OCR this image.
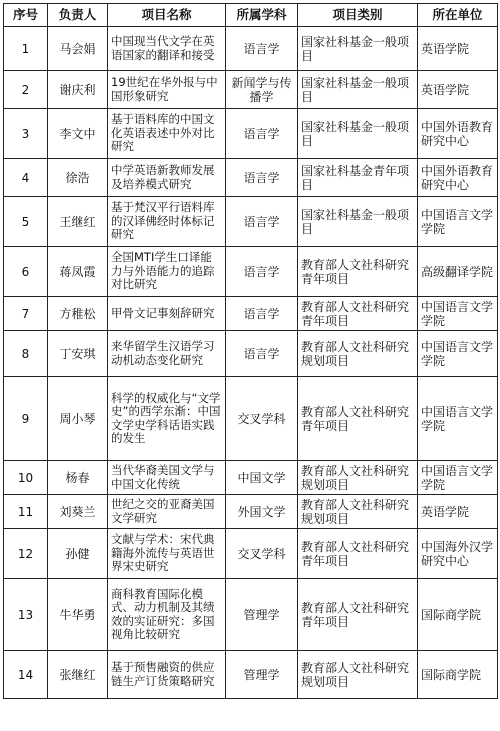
序号	负责人	项目名称	所属学科	项目类别	所在单位
1	马会娟	中国现当代文学在英语国家的翻译和接受	语言学	国家社科基金一般项目	英语学院
2	谢庆利	19世纪在华外报与中国形象研究	新闻学与传播学	国家社科基金一般项目	英语学院
3	李文中	基于语料库的中国文化英语表述中外对比研究	语言学	国家社科基金一般项目	中国外语教育研究中心
4	徐浩	中学英语新教师发展及培养模式研究	语言学	国家社科基金青年项目	中国外语教育研究中心
5	王继红	基于梵汉平行语料库的汉译佛经时体标记研究	语言学	国家社科基金一般项目	中国语言文学学院
6	蒋凤霞	全国MTI学生口译能力与外语能力的追踪对比研究	语言学	教育部人文社科研究青年项目	高级翻译学院
7	方稚松	甲骨文记事刻辞研究	语言学	教育部人文社科研究青年项目	中国语言文学学院
8	丁安琪	来华留学生汉语学习动机动态变化研究	语言学	教育部人文社科研究规划项目	中国语言文学学院
9	周小琴	科学的权威化与“文学史”的西学东渐：中国文学史学科话语实践的发生	交叉学科	教育部人文社科研究青年项目	中国语言文学学院
10	杨春	当代华裔美国文学与中国文化传统	中国文学	教育部人文社科研究规划项目	中国语言文学学院
11	刘葵兰	世纪之交的亚裔美国文学研究	外国文学	教育部人文社科研究规划项目	英语学院
12	孙健	文献与学术：宋代典籍海外流传与英语世界宋史研究	交叉学科	教育部人文社科研究青年项目	中国海外汉学研究中心
13	牛华勇	商科教育国际化模式、动力机制及其绩效的实证研究：多国视角比较研究	管理学	教育部人文社科研究青年项目	国际商学院
14	张继红	基于预售融资的供应链生产订货策略研究	管理学	教育部人文社科研究规划项目	国际商学院
